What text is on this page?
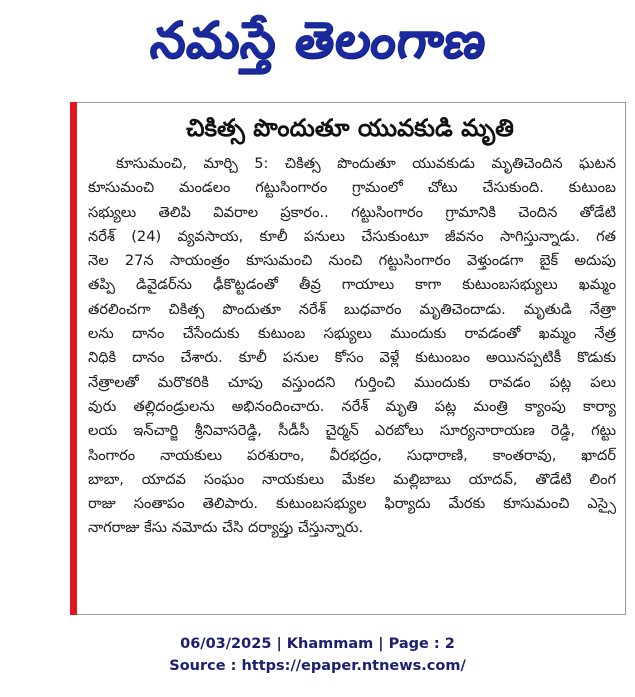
నమస్తే తెలంగాణ
చికిత్స పొందుతూ యువకుడి మృతి
కూసుమంచి, మార్చి 5: చికిత్స పొందుతూ యువకుడు మృతిచెందిన ఘటన
కూసుమంచి మండలం గట్టుసింగారం గ్రామంలో చోటు చేసుకుంది. కుటుంబ
సభ్యులు తెలిపి వివరాల ప్రకారం.. గట్టుసింగారం గ్రామానికి చెందిన తోడేటి
నరేశ్ (24) వ్యవసాయ, కూలీ పనులు చేసుకుంటూ జీవనం సాగిస్తున్నాడు. గత
నెల 27న సాయంత్రం కూసుమంచి నుంచి గట్టుసింగారం వెళ్తుండగా బైక్ అదుపు
తప్పి డివైడర్‌ను ఢీకొట్టడంతో తీవ్ర గాయాలు కాగా కుటుంబసభ్యులు ఖమ్మం
తరలించగా చికిత్స పొందుతూ నరేశ్ బుధవారం మృతిచెందాడు. మృతుడి నేత్రా
లను దానం చేసేందుకు కుటుంబ సభ్యులు ముందుకు రావడంతో ఖమ్మం నేత్ర
నిధికి దానం చేశారు. కూలీ పనుల కోసం వెళ్లే కుటుంబం అయినప్పటికీ కొడుకు
నేత్రాలతో మరొకరికి చూపు వస్తుందని గుర్తించి ముందుకు రావడం పట్ల పలు
వురు తల్లిదండ్రులను అభినందించారు. నరేశ్ మృతి పట్ల మంత్రి క్యాంపు కార్యా
లయ ఇన్‌చార్జి శ్రీనివాసరెడ్డి, సీడీసీ చైర్మన్ ఎరబోలు సూర్యనారాయణ రెడ్డి, గట్టు
సింగారం నాయకులు పరశురాం, వీరభద్రం, సుధారాణి, కాంతరావు, ఖాదర్
బాబా, యాదవ సంఘం నాయకులు మేకల మల్లిబాబు యాదవ్, తొడేటి లింగ
రాజు సంతాపం తెలిపారు. కుటుంబసభ్యుల ఫిర్యాదు మేరకు కూసుమంచి ఎస్సై
నాగరాజు కేసు నమోదు చేసి దర్యాప్తు చేస్తున్నారు.
06/03/2025 | Khammam | Page : 2
Source : https://epaper.ntnews.com/
